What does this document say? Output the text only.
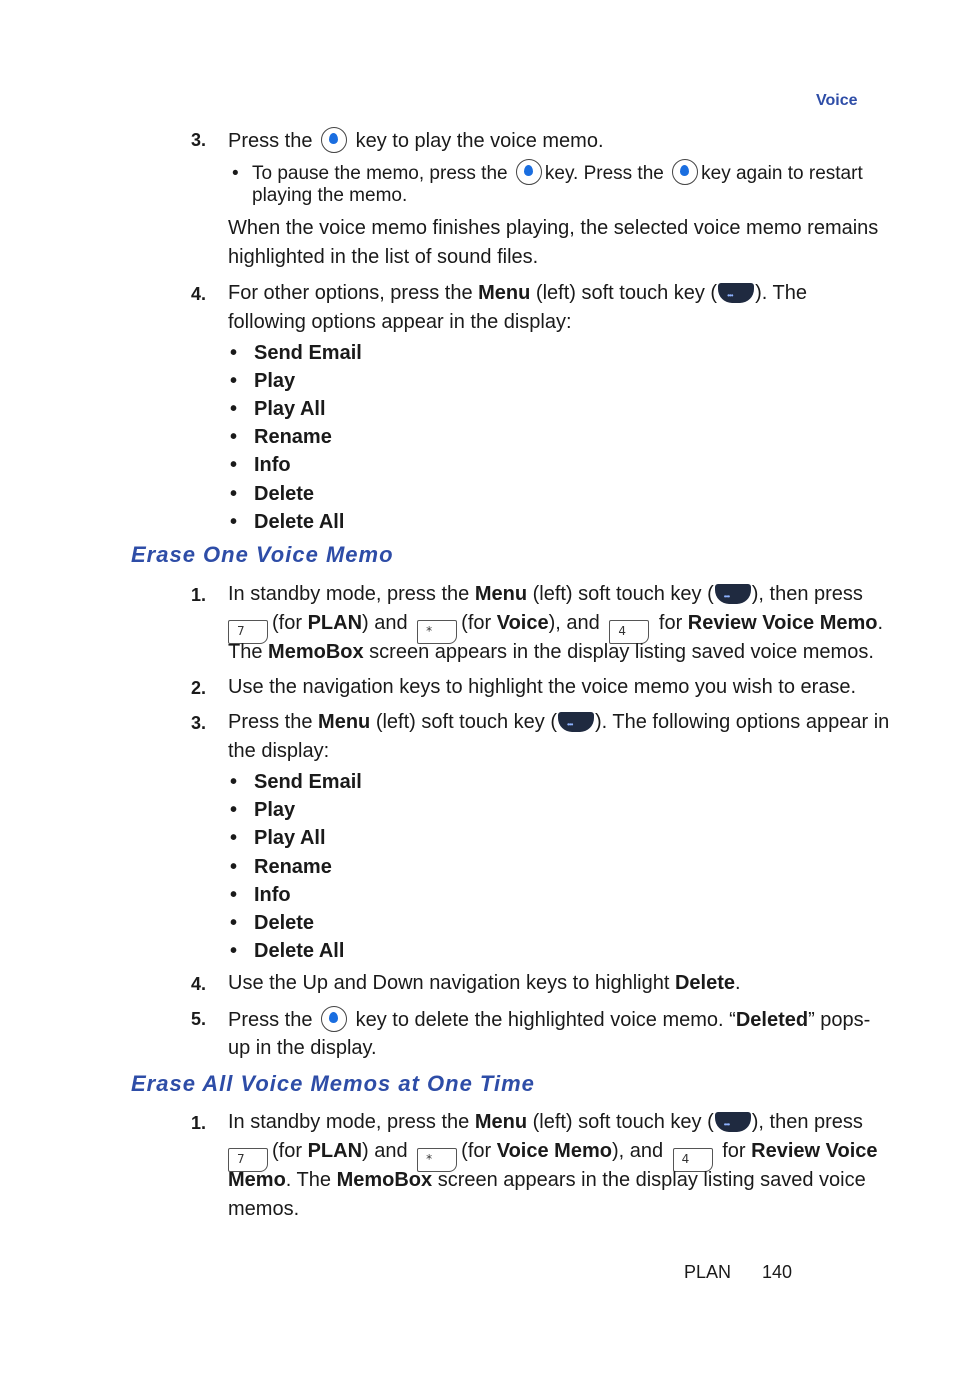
Voice
3. Press the key to play the voice memo.
• To pause the memo, press the key. Press the key again to restart
playing the memo.
When the voice memo finishes playing, the selected voice memo remains
highlighted in the list of sound files.
4. For other options, press the Menu (left) soft touch key ( ••• ). The
following options appear in the display:
• Send Email
• Play
• Play All
• Rename
• Info
• Delete
• Delete All
Erase One Voice Memo
1. In standby mode, press the Menu (left) soft touch key ( ••• ), then press
7 (for PLAN) and * (for Voice), and 4 for Review Voice Memo.
The MemoBox screen appears in the display listing saved voice memos.
2. Use the navigation keys to highlight the voice memo you wish to erase.
3. Press the Menu (left) soft touch key ( ••• ). The following options appear in
the display:
• Send Email
• Play
• Play All
• Rename
• Info
• Delete
• Delete All
4. Use the Up and Down navigation keys to highlight Delete.
5. Press the key to delete the highlighted voice memo. “Deleted” pops-
up in the display.
Erase All Voice Memos at One Time
1. In standby mode, press the Menu (left) soft touch key ( ••• ), then press
7 (for PLAN) and * (for Voice Memo), and 4 for Review Voice
Memo. The MemoBox screen appears in the display listing saved voice
memos.
PLAN 140
